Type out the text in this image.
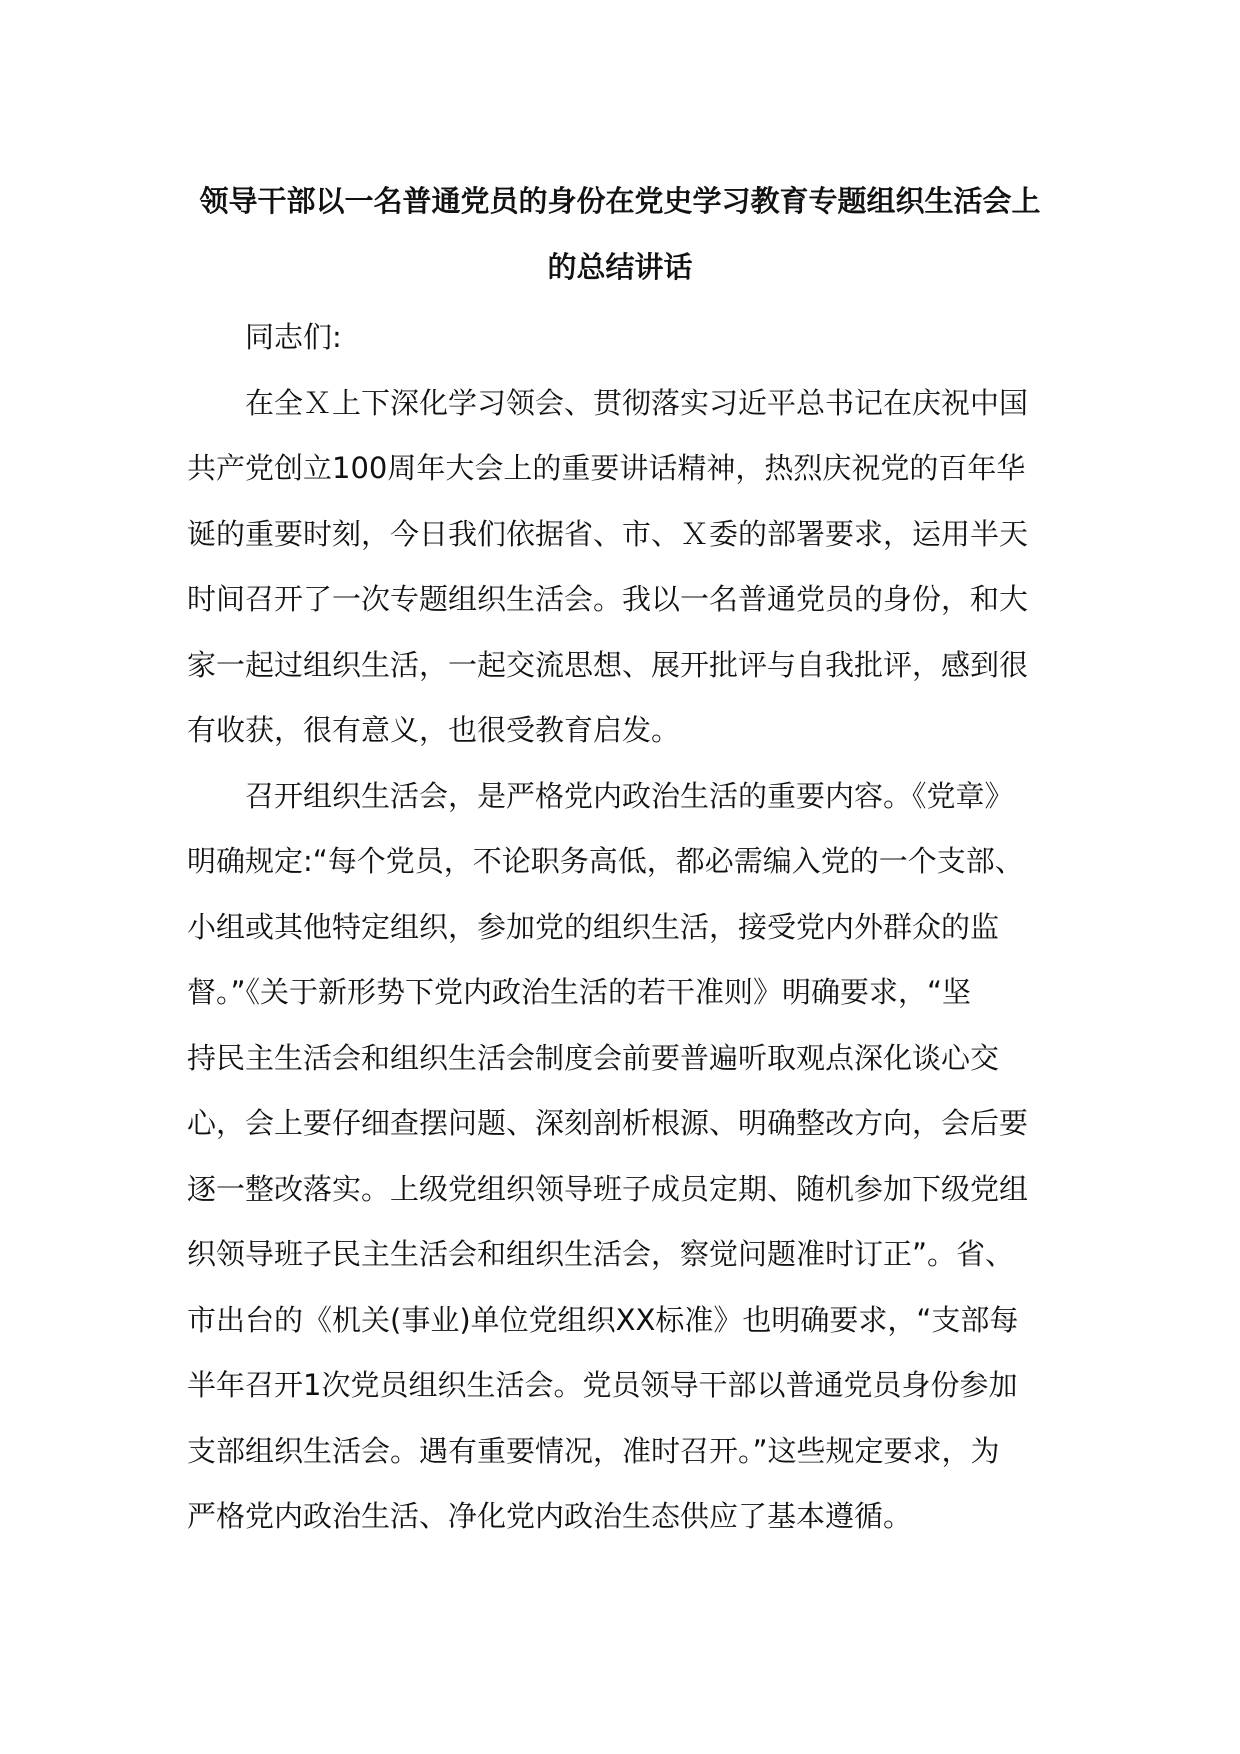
领导干部以一名普通党员的身份在党史学习教育专题组织生活会上
的总结讲话
同志们:
在全Ｘ上下深化学习领会、贯彻落实习近平总书记在庆祝中国
共产党创立100周年大会上的重要讲话精神，热烈庆祝党的百年华
诞的重要时刻，今日我们依据省、市、Ｘ委的部署要求，运用半天
时间召开了一次专题组织生活会。我以一名普通党员的身份，和大
家一起过组织生活，一起交流思想、展开批评与自我批评，感到很
有收获，很有意义，也很受教育启发。
召开组织生活会，是严格党内政治生活的重要内容。《党章》
明确规定:“每个党员，不论职务高低，都必需编入党的一个支部、
小组或其他特定组织，参加党的组织生活，接受党内外群众的监
督。”《关于新形势下党内政治生活的若干准则》明确要求，“坚
持民主生活会和组织生活会制度会前要普遍听取观点深化谈心交
心，会上要仔细查摆问题、深刻剖析根源、明确整改方向，会后要
逐一整改落实。上级党组织领导班子成员定期、随机参加下级党组
织领导班子民主生活会和组织生活会，察觉问题准时订正”。省、
市出台的《机关(事业)单位党组织XX标准》也明确要求，“支部每
半年召开1次党员组织生活会。党员领导干部以普通党员身份参加
支部组织生活会。遇有重要情况，准时召开。”这些规定要求，为
严格党内政治生活、净化党内政治生态供应了基本遵循。
